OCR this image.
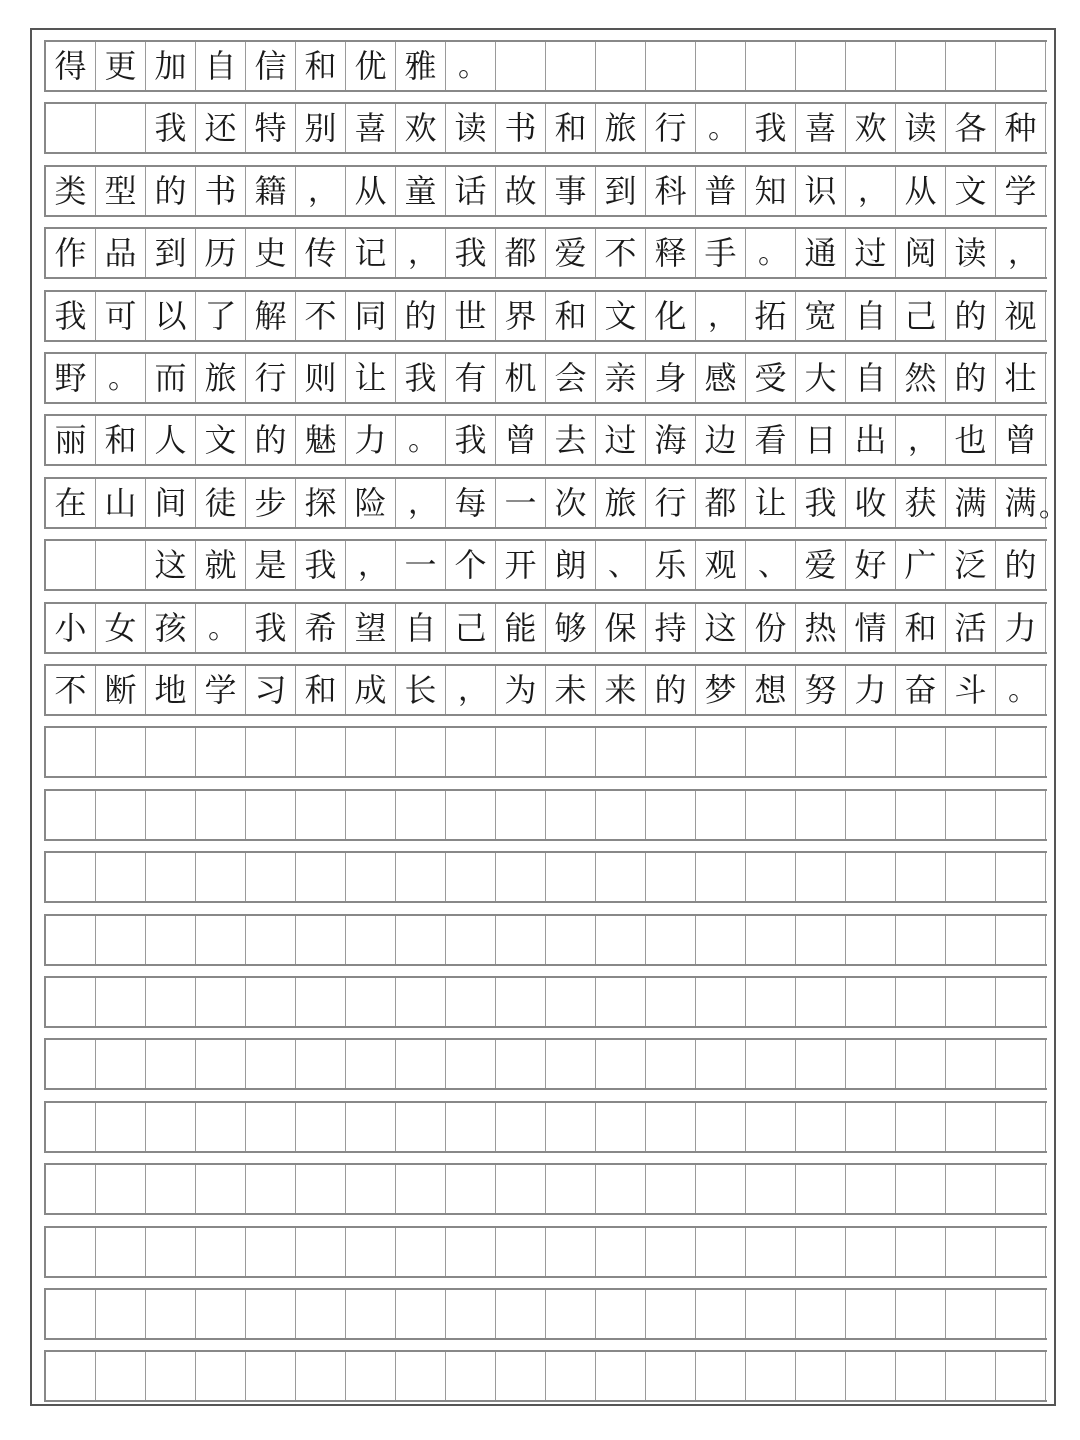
得 更 加 自 信 和 优 雅 。
我 还 特 别 喜 欢 读 书 和 旅 行 。 我 喜 欢 读 各 种
类 型 的 书 籍 ， 从 童 话 故 事 到 科 普 知 识 ， 从 文 学
作 品 到 历 史 传 记 ， 我 都 爱 不 释 手 。 通 过 阅 读 ，
我 可 以 了 解 不 同 的 世 界 和 文 化 ， 拓 宽 自 己 的 视
野 。 而 旅 行 则 让 我 有 机 会 亲 身 感 受 大 自 然 的 壮
丽 和 人 文 的 魅 力 。 我 曾 去 过 海 边 看 日 出 ， 也 曾
在 山 间 徒 步 探 险 ， 每 一 次 旅 行 都 让 我 收 获 满 满 。
这 就 是 我 ， 一 个 开 朗 、 乐 观 、 爱 好 广 泛 的
小 女 孩 。 我 希 望 自 己 能 够 保 持 这 份 热 情 和 活 力
不 断 地 学 习 和 成 长 ， 为 未 来 的 梦 想 努 力 奋 斗 。
